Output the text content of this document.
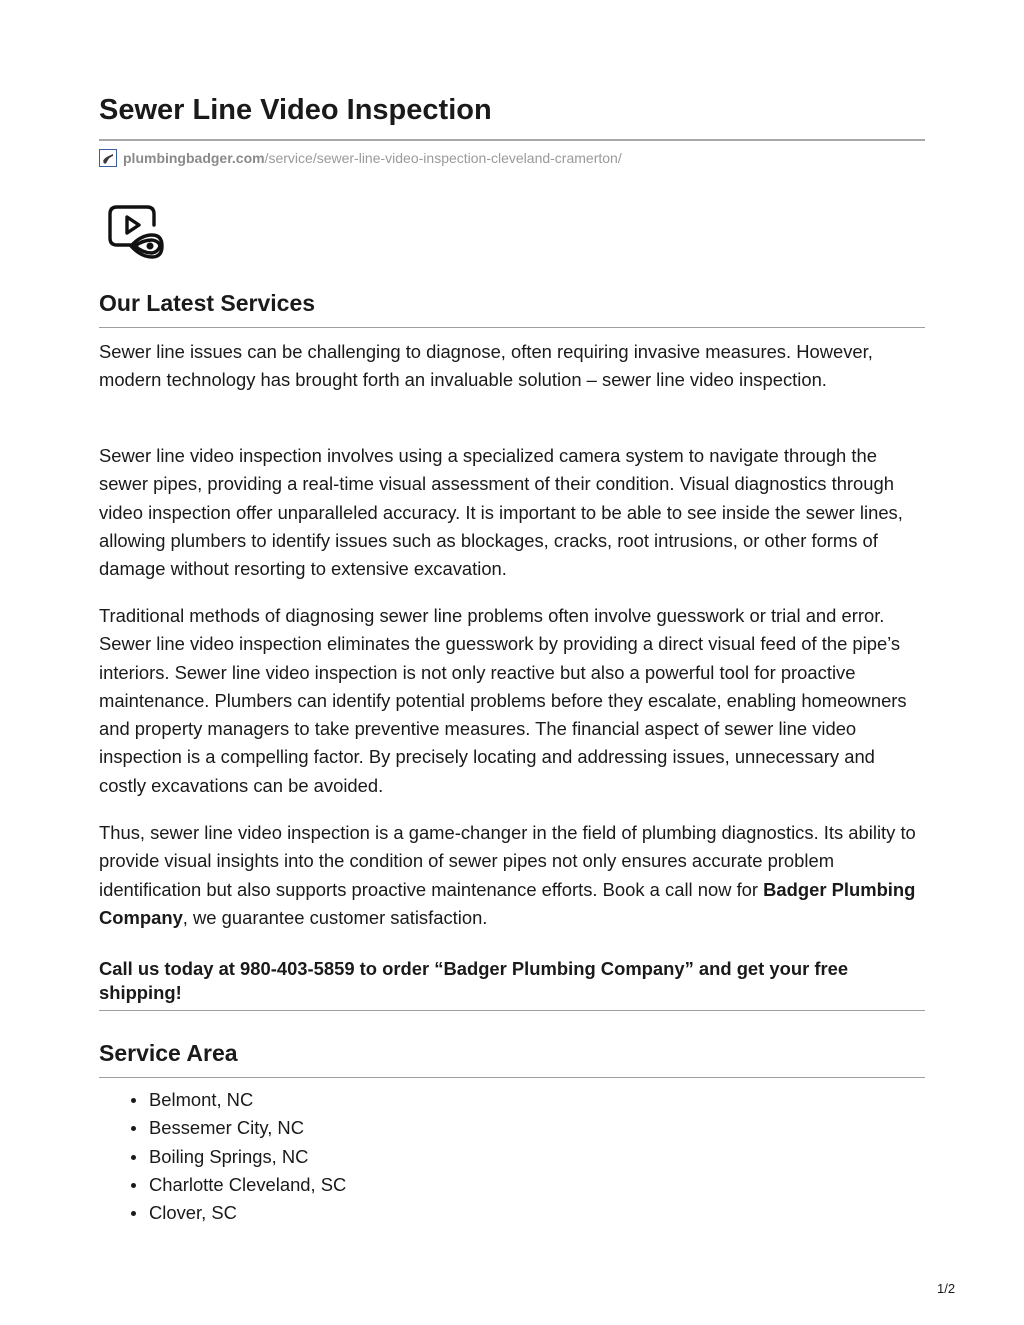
Sewer Line Video Inspection
plumbingbadger.com /service/sewer-line-video-inspection-cleveland-cramerton/
Our Latest Services

Sewer line issues can be challenging to diagnose, often requiring invasive measures. However, modern technology has brought forth an invaluable solution – sewer line video inspection.

Sewer line video inspection involves using a specialized camera system to navigate through the sewer pipes, providing a real-time visual assessment of their condition. Visual diagnostics through video inspection offer unparalleled accuracy. It is important to be able to see inside the sewer lines, allowing plumbers to identify issues such as blockages, cracks, root intrusions, or other forms of damage without resorting to extensive excavation.

Traditional methods of diagnosing sewer line problems often involve guesswork or trial and error. Sewer line video inspection eliminates the guesswork by providing a direct visual feed of the pipe’s interiors. Sewer line video inspection is not only reactive but also a powerful tool for proactive maintenance. Plumbers can identify potential problems before they escalate, enabling homeowners and property managers to take preventive measures. The financial aspect of sewer line video inspection is a compelling factor. By precisely locating and addressing issues, unnecessary and costly excavations can be avoided.

Thus, sewer line video inspection is a game-changer in the field of plumbing diagnostics. Its ability to provide visual insights into the condition of sewer pipes not only ensures accurate problem identification but also supports proactive maintenance efforts. Book a call now for Badger Plumbing Company, we guarantee customer satisfaction.

Call us today at 980-403-5859 to order “Badger Plumbing Company” and get your free shipping!

Service Area
Belmont, NC
Bessemer City, NC
Boiling Springs, NC
Charlotte Cleveland, SC
Clover, SC
1/2
